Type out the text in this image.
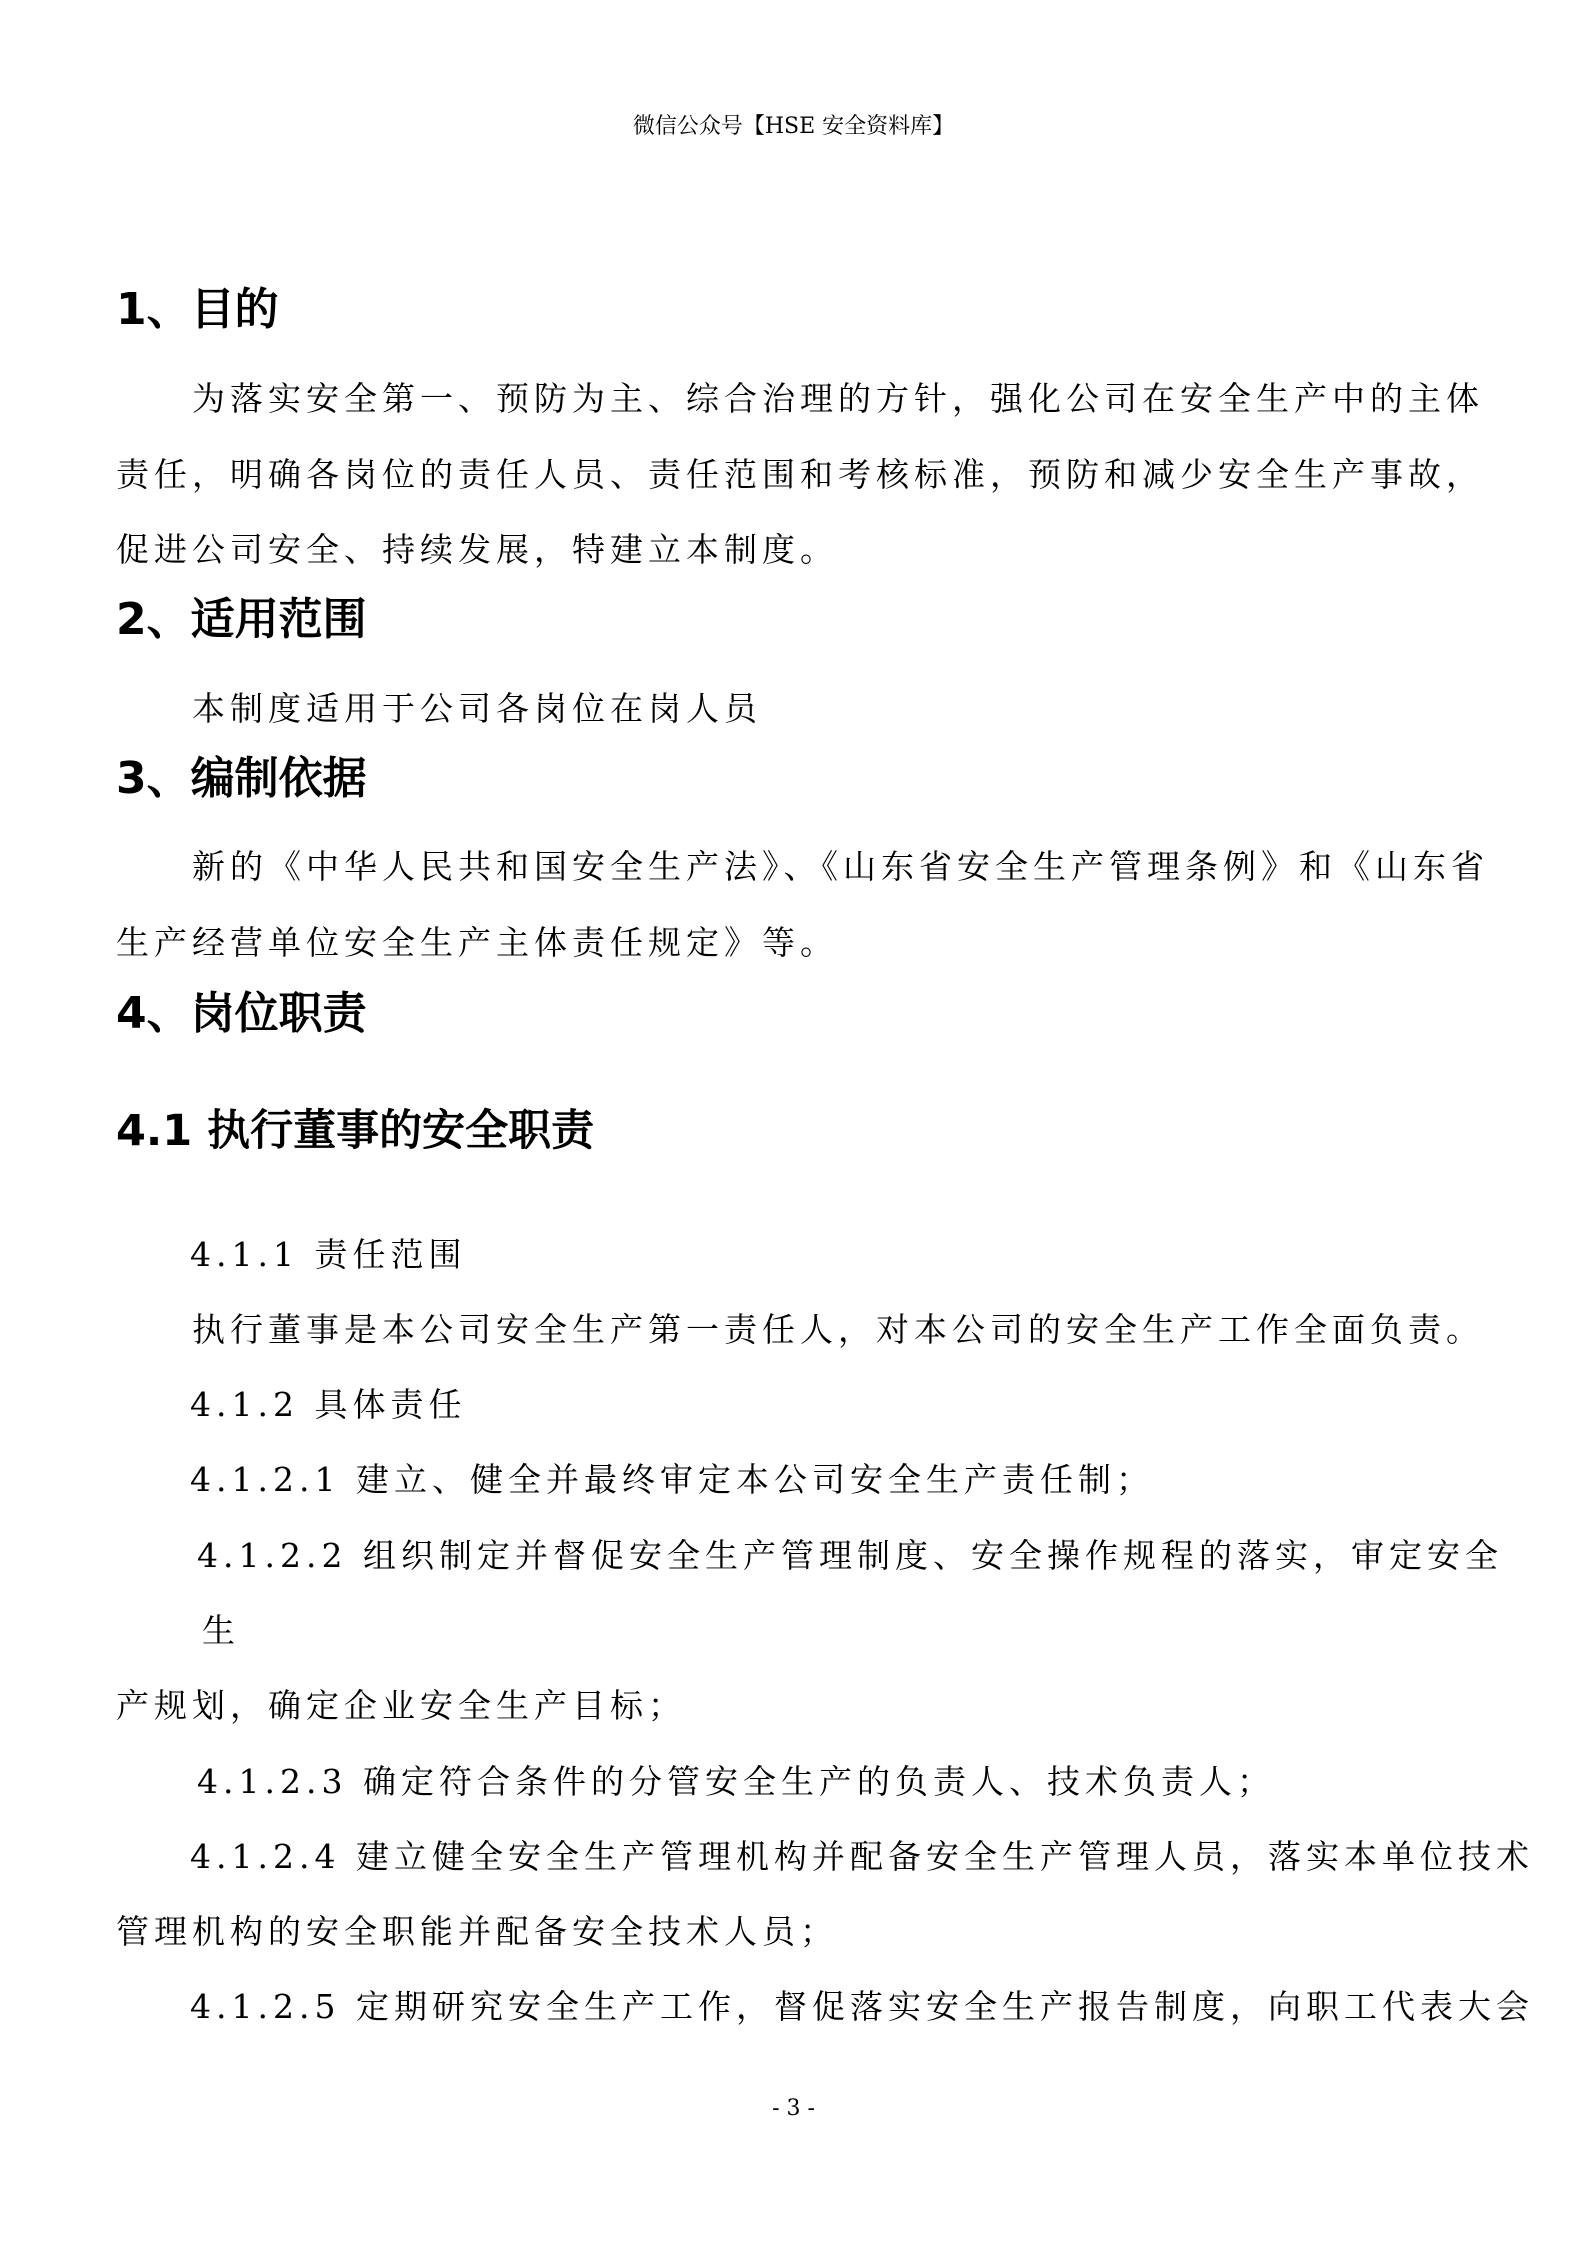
微信公众号【HSE 安全资料库】
1、目的
为落实安全第一、预防为主、综合治理的方针，强化公司在安全生产中的主体
责任，明确各岗位的责任人员、责任范围和考核标准，预防和减少安全生产事故，
促进公司安全、持续发展，特建立本制度。
2、适用范围
本制度适用于公司各岗位在岗人员
3、编制依据
新的《中华人民共和国安全生产法》、《山东省安全生产管理条例》和《山东省
生产经营单位安全生产主体责任规定》等。
4、岗位职责
4.1 执行董事的安全职责
4.1.1 责任范围
执行董事是本公司安全生产第一责任人，对本公司的安全生产工作全面负责。
4.1.2 具体责任
4.1.2.1 建立、健全并最终审定本公司安全生产责任制；
4.1.2.2 组织制定并督促安全生产管理制度、安全操作规程的落实，审定安全
生
产规划，确定企业安全生产目标；
4.1.2.3 确定符合条件的分管安全生产的负责人、技术负责人；
4.1.2.4 建立健全安全生产管理机构并配备安全生产管理人员，落实本单位技术
管理机构的安全职能并配备安全技术人员；
4.1.2.5 定期研究安全生产工作，督促落实安全生产报告制度，向职工代表大会
- 3 -
